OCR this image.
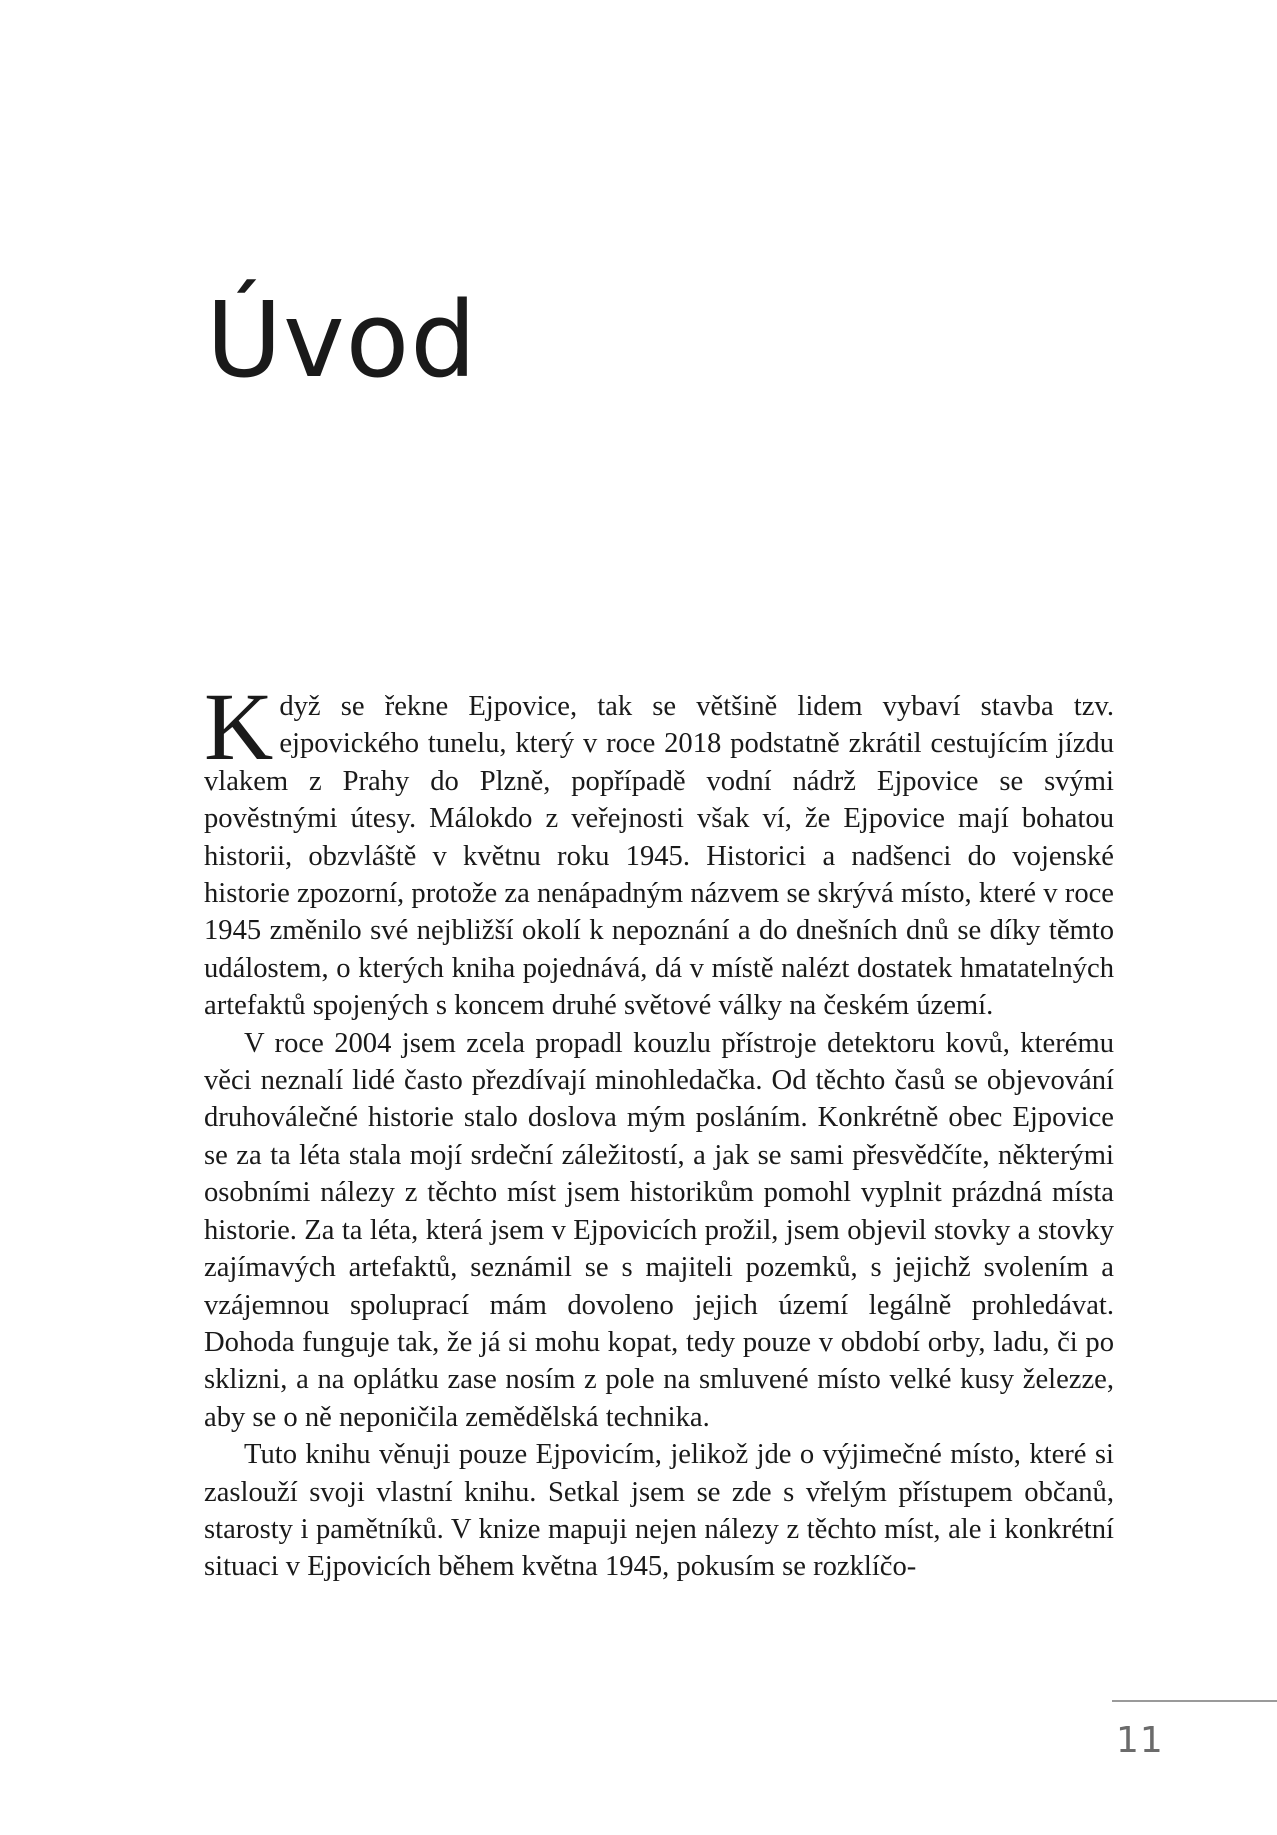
Úvod

Když se řekne Ejpovice, tak se většině lidem vybaví stavba tzv. ejpovického tunelu, který v roce 2018 podstatně zkrátil cestujícím jízdu vlakem z Prahy do Plzně, popřípadě vodní nádrž Ejpovice se svými pověstnými útesy. Málokdo z veřejnosti však ví, že Ejpovice mají bohatou historii, obzvláště v květnu roku 1945. Historici a nadšenci do vojenské historie zpozorní, protože za nenápadným názvem se skrývá místo, které v roce 1945 změnilo své nejbližší okolí k nepoznání a do dnešních dnů se díky těmto událostem, o kterých kniha pojednává, dá v místě nalézt dostatek hmatatelných artefaktů spojených s koncem druhé světové války na českém území.

V roce 2004 jsem zcela propadl kouzlu přístroje detektoru kovů, kterému věci neznalí lidé často přezdívají minohledačka. Od těchto časů se objevování druhoválečné historie stalo doslova mým posláním. Konkrétně obec Ejpovice se za ta léta stala mojí srdeční záležitostí, a jak se sami přesvědčíte, některými osobními nálezy z těchto míst jsem historikům pomohl vyplnit prázdná místa historie. Za ta léta, která jsem v Ejpovicích prožil, jsem objevil stovky a stovky zajímavých artefaktů, seznámil se s majiteli pozemků, s jejichž svolením a vzájemnou spoluprací mám dovoleno jejich území legálně prohledávat. Dohoda funguje tak, že já si mohu kopat, tedy pouze v období orby, ladu, či po sklizni, a na oplátku zase nosím z pole na smluvené místo velké kusy železze, aby se o ně neponičila zemědělská technika.

Tuto knihu věnuji pouze Ejpovicím, jelikož jde o výjimečné místo, které si zaslouží svoji vlastní knihu. Setkal jsem se zde s vřelým přístupem občanů, starosty i pamětníků. V knize mapuji nejen nálezy z těchto míst, ale i konkrétní situaci v Ejpovicích během května 1945, pokusím se rozklíčo-

11
